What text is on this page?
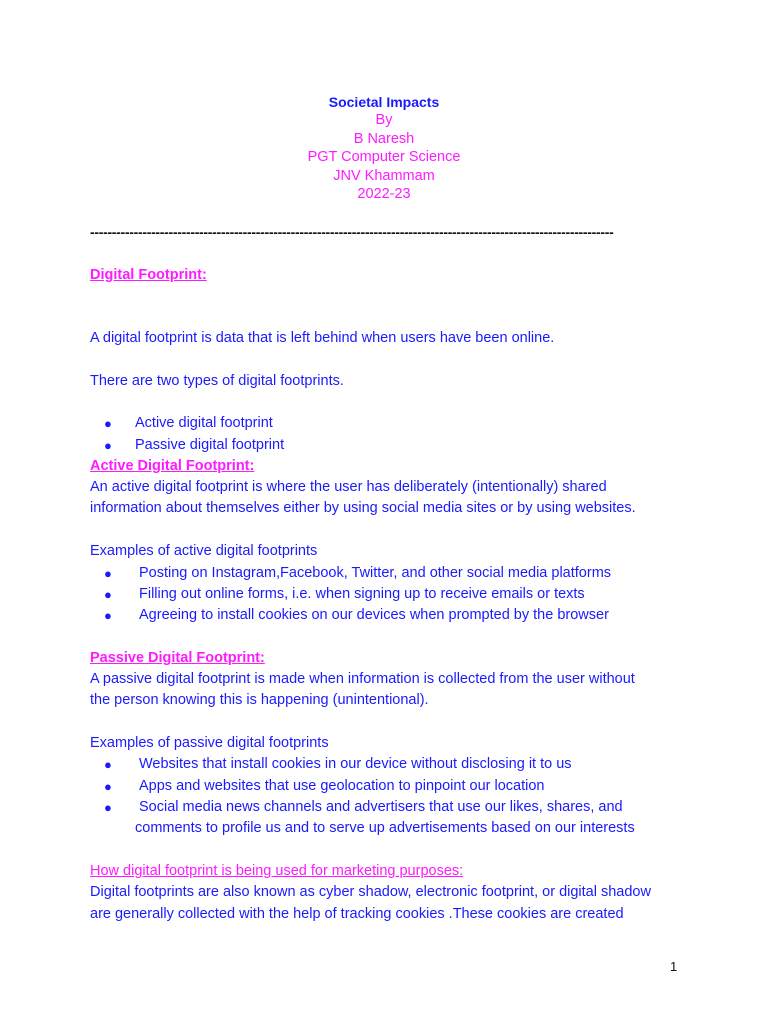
Societal Impacts
By
B Naresh
PGT Computer Science
JNV Khammam
2022-23
------------------------------------------------------------------------------------------------------------------------
Digital Footprint:
A digital footprint is data that is left behind when users have been online.
There are two types of digital footprints.
● Active digital footprint
● Passive digital footprint
Active Digital Footprint:
An active digital footprint is where the user has deliberately (intentionally) shared
information about themselves either by using social media sites or by using websites.
Examples of active digital footprints
● Posting on Instagram,Facebook, Twitter, and other social media platforms
● Filling out online forms, i.e. when signing up to receive emails or texts
● Agreeing to install cookies on our devices when prompted by the browser
Passive Digital Footprint:
A passive digital footprint is made when information is collected from the user without
the person knowing this is happening (unintentional).
Examples of passive digital footprints
● Websites that install cookies in our device without disclosing it to us
● Apps and websites that use geolocation to pinpoint our location
● Social media news channels and advertisers that use our likes, shares, and
comments to profile us and to serve up advertisements based on our interests
How digital footprint is being used for marketing purposes:
Digital footprints are also known as cyber shadow, electronic footprint, or digital shadow
are generally collected with the help of tracking cookies .These cookies are created
1
